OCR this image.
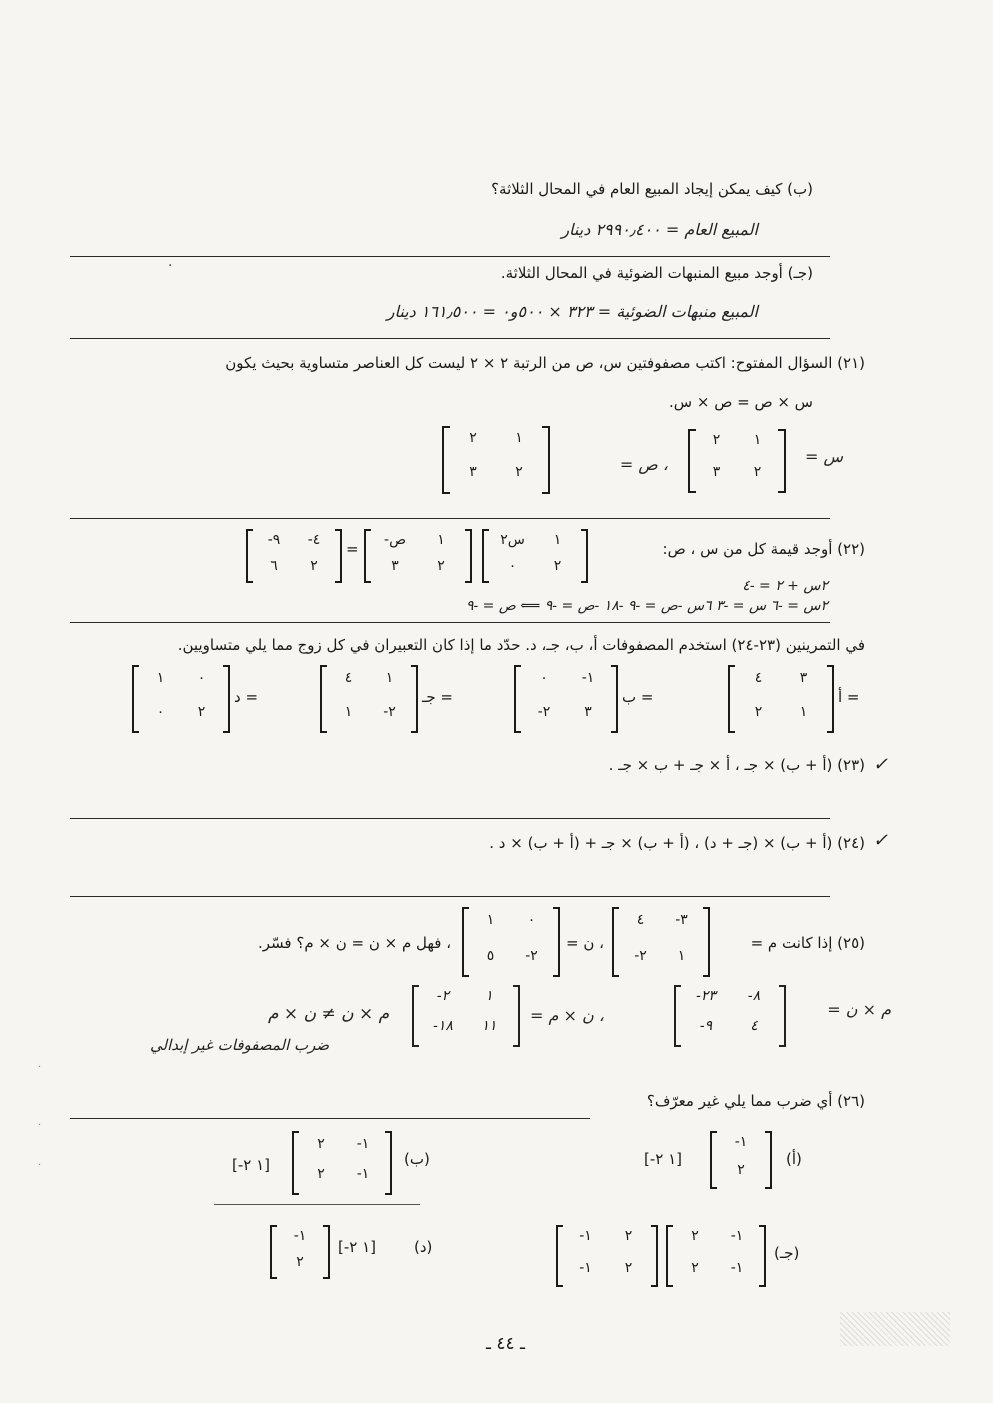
(ب) كيف يمكن إيجاد المبيع العام في المحال الثلاثة؟
المبيع العام = ٢٩٩٠٫٤٠٠ دينار
(جـ) أوجد مبيع المنبهات الضوئية في المحال الثلاثة.
المبيع منبهات الضوئية = ٣٢٣ × ٥٠٠و٠ = ١٦١٫٥٠٠ دينار
(٢١) السؤال المفتوح: اكتب مصفوفتين س، ص من الرتبة ٢ × ٢ ليست كل العناصر متساوية بحيث يكون
س × ص = ص × س.
س =
٢	١
٣	٢
، ص =
٢	١
٣	٢
(٢٢) أوجد قيمة كل من س ، ص:
س٢	١
٠	٢
-ص	١
٣	٢
=
-٩	-٤
٦	٢
٢س + ٢ = -٤
٢س = -٦ س = -٣ ٦س -ص = -٩ -١٨ -ص = -٩ ⟸ ص = -٩
في التمرينين (٢٣-٢٤) استخدم المصفوفات أ، ب، جـ، د. حدّد ما إذا كان التعبيران في كل زوج مما يلي متساويين.
= أ
٤	٣
٢	١
= ب
٠	-١
-٢	٣
= جـ
٤	١
١	-٢
= د
١	٠
٠	٢
✓
(٢٣) (أ + ب) × جـ ، أ × جـ + ب × جـ .
✓
(٢٤) (أ + ب) × (جـ + د) ، (أ + ب) × جـ + (أ + ب) × د .
(٢٥) إذا كانت م =
٤	-٣
-٢	١
، ن =
١	٠
٥	-٢
، فهل م × ن = ن × م؟ فسّر.
م × ن =
-٢٣	-٨
-٩	٤
، ن × م =
-٢	١
-١٨	١١
م × ن ≠ ن × م
ضرب المصفوفات غير إبدالي
(٢٦) أي ضرب مما يلي غير معرّف؟
(أ)
-١
٢
[-١ ٢]
(ب)
٢	-١
٢	-١
[-١ ٢]
(جـ)
٢	-١
٢	-١
-١	٢
-١	٢
(د)
[-١ ٢]
-١
٢
ـ ٤٤ ـ
·
·
·
·
